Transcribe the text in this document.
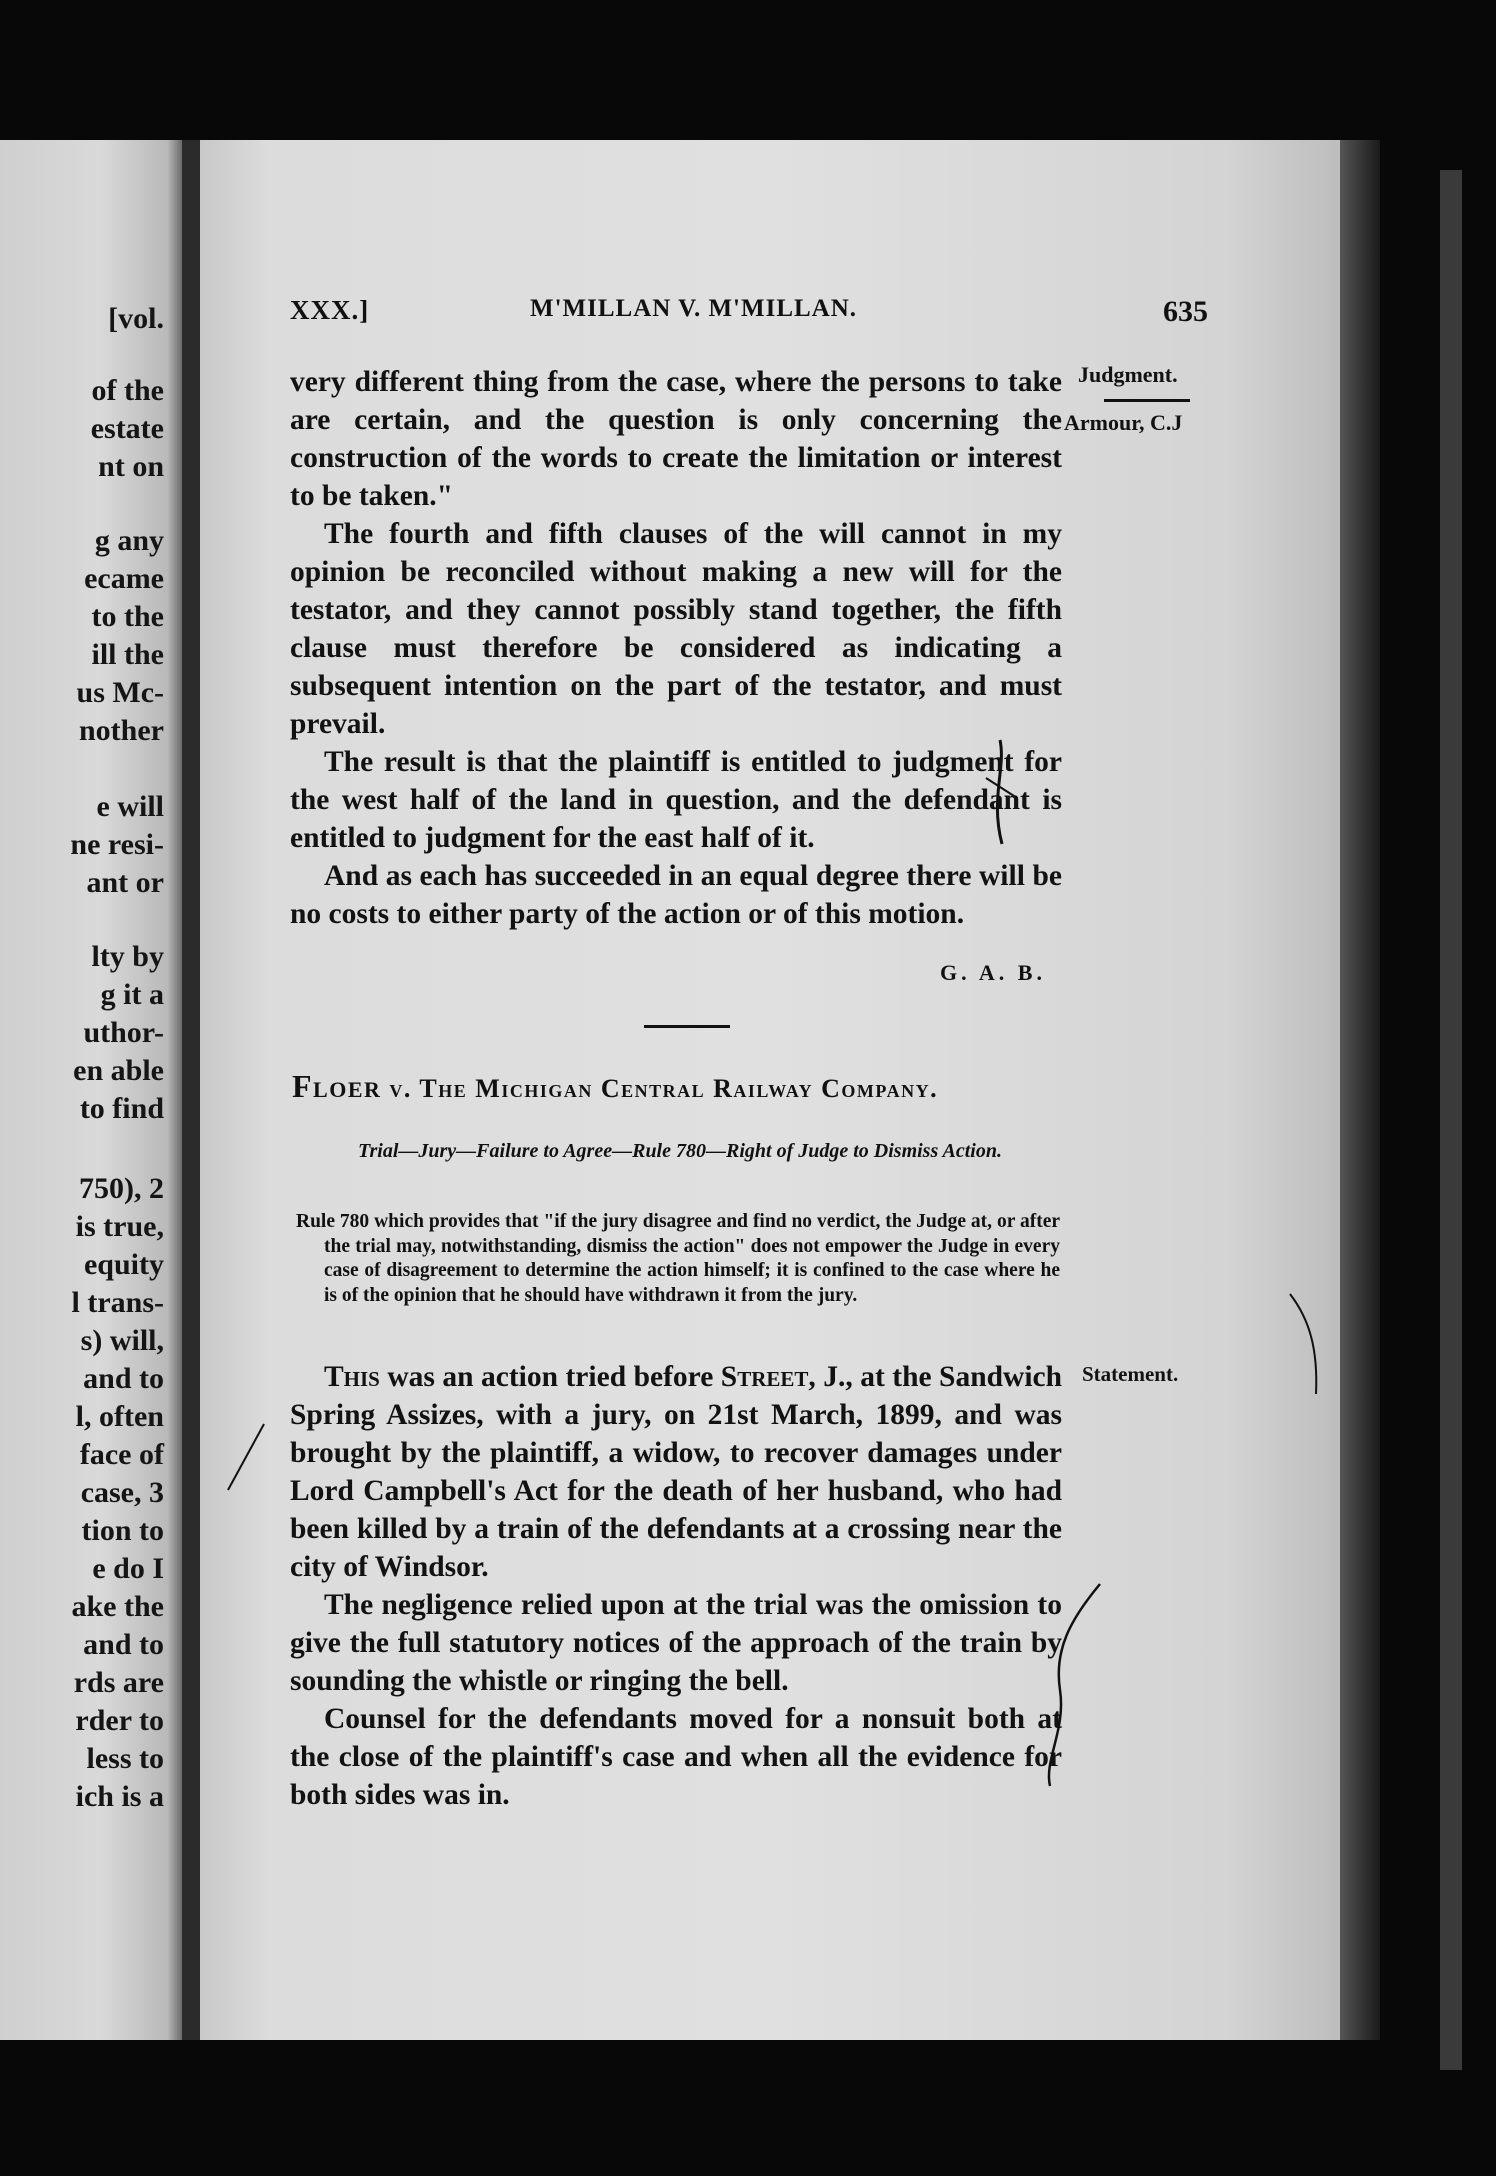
[vol.
of the
estate
nt on
g any
ecame
to the
ill the
us Mc-
nother
e will
ne resi-
ant or
lty by
g it a
uthor-
en able
to find
750), 2
is true,
equity
l trans-
s) will,
and to
l, often
face of
case, 3
tion to
e do I
ake the
and to
rds are
rder to
less to
ich is a
XXX.]	M'MILLAN V. M'MILLAN.	635
Judgment.
Armour, C.J

very different thing from the case, where the persons to take are certain, and the question is only concerning the construction of the words to create the limitation or interest to be taken."

The fourth and fifth clauses of the will cannot in my opinion be reconciled without making a new will for the testator, and they cannot possibly stand together, the fifth clause must therefore be considered as indicating a subsequent intention on the part of the testator, and must prevail.

The result is that the plaintiff is entitled to judgment for the west half of the land in question, and the defendant is entitled to judgment for the east half of it.

And as each has succeeded in an equal degree there will be no costs to either party of the action or of this motion.

G. A. B.
Floer v. The Michigan Central Railway Company.
Trial—Jury—Failure to Agree—Rule 780—Right of Judge to Dismiss Action.

Rule 780 which provides that "if the jury disagree and find no verdict, the Judge at, or after the trial may, notwithstanding, dismiss the action" does not empower the Judge in every case of disagreement to determine the action himself; it is confined to the case where he is of the opinion that he should have withdrawn it from the jury.

Statement.

This was an action tried before Street, J., at the Sandwich Spring Assizes, with a jury, on 21st March, 1899, and was brought by the plaintiff, a widow, to recover damages under Lord Campbell's Act for the death of her husband, who had been killed by a train of the defendants at a crossing near the city of Windsor.

The negligence relied upon at the trial was the omission to give the full statutory notices of the approach of the train by sounding the whistle or ringing the bell.

Counsel for the defendants moved for a nonsuit both at the close of the plaintiff's case and when all the evidence for both sides was in.
